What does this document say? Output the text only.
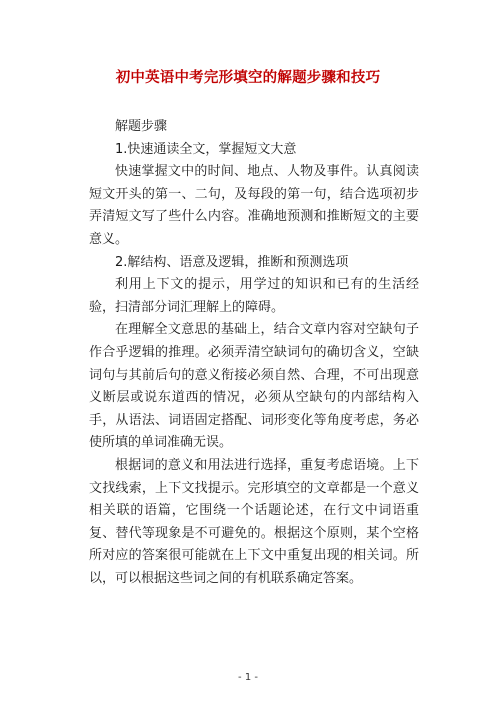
初中英语中考完形填空的解题步骤和技巧

解题步骤

1.快速通读全文，掌握短文大意

快速掌握文中的时间、地点、人物及事件。认真阅读短文开头的第一、二句，及每段的第一句，结合选项初步弄清短文写了些什么内容。准确地预测和推断短文的主要意义。

2.解结构、语意及逻辑，推断和预测选项

利用上下文的提示，用学过的知识和已有的生活经验，扫清部分词汇理解上的障碍。

在理解全文意思的基础上，结合文章内容对空缺句子作合乎逻辑的推理。必须弄清空缺词句的确切含义，空缺词句与其前后句的意义衔接必须自然、合理，不可出现意义断层或说东道西的情况，必须从空缺句的内部结构入手，从语法、词语固定搭配、词形变化等角度考虑，务必使所填的单词准确无误。

根据词的意义和用法进行选择，重复考虑语境。上下文找线索，上下文找提示。完形填空的文章都是一个意义相关联的语篇，它围绕一个话题论述，在行文中词语重复、替代等现象是不可避免的。根据这个原则，某个空格所对应的答案很可能就在上下文中重复出现的相关词。所以，可以根据这些词之间的有机联系确定答案。

- 1 -
